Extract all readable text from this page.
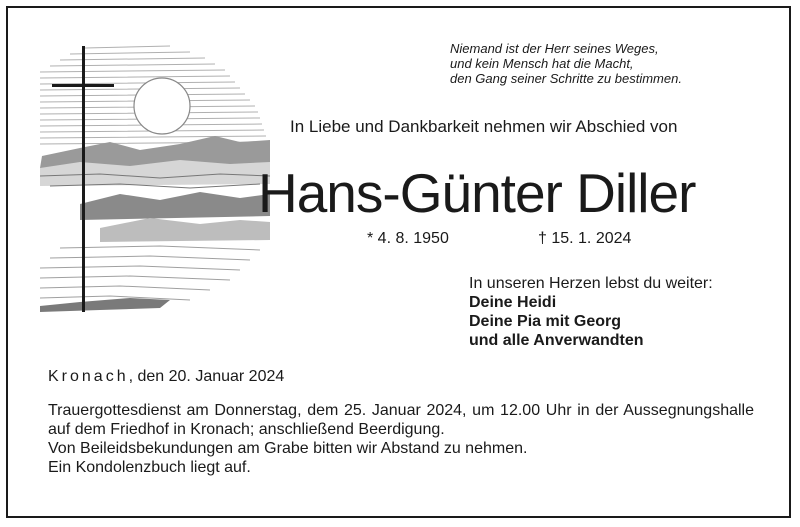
Niemand ist der Herr seines Weges,
und kein Mensch hat die Macht,
den Gang seiner Schritte zu bestimmen.
In Liebe und Dankbarkeit nehmen wir Abschied von
Hans-Günter Diller
* 4. 8. 1950	† 15. 1. 2024
In unseren Herzen lebst du weiter:
Deine Heidi
Deine Pia mit Georg
und alle Anverwandten
Kronach, den 20. Januar 2024

Trauergottesdienst am Donnerstag, dem 25. Januar 2024, um 12.00 Uhr in der Aussegnungshalle auf dem Friedhof in Kronach; anschließend Beerdigung.

Von Beileidsbekundungen am Grabe bitten wir Abstand zu nehmen.

Ein Kondolenzbuch liegt auf.
